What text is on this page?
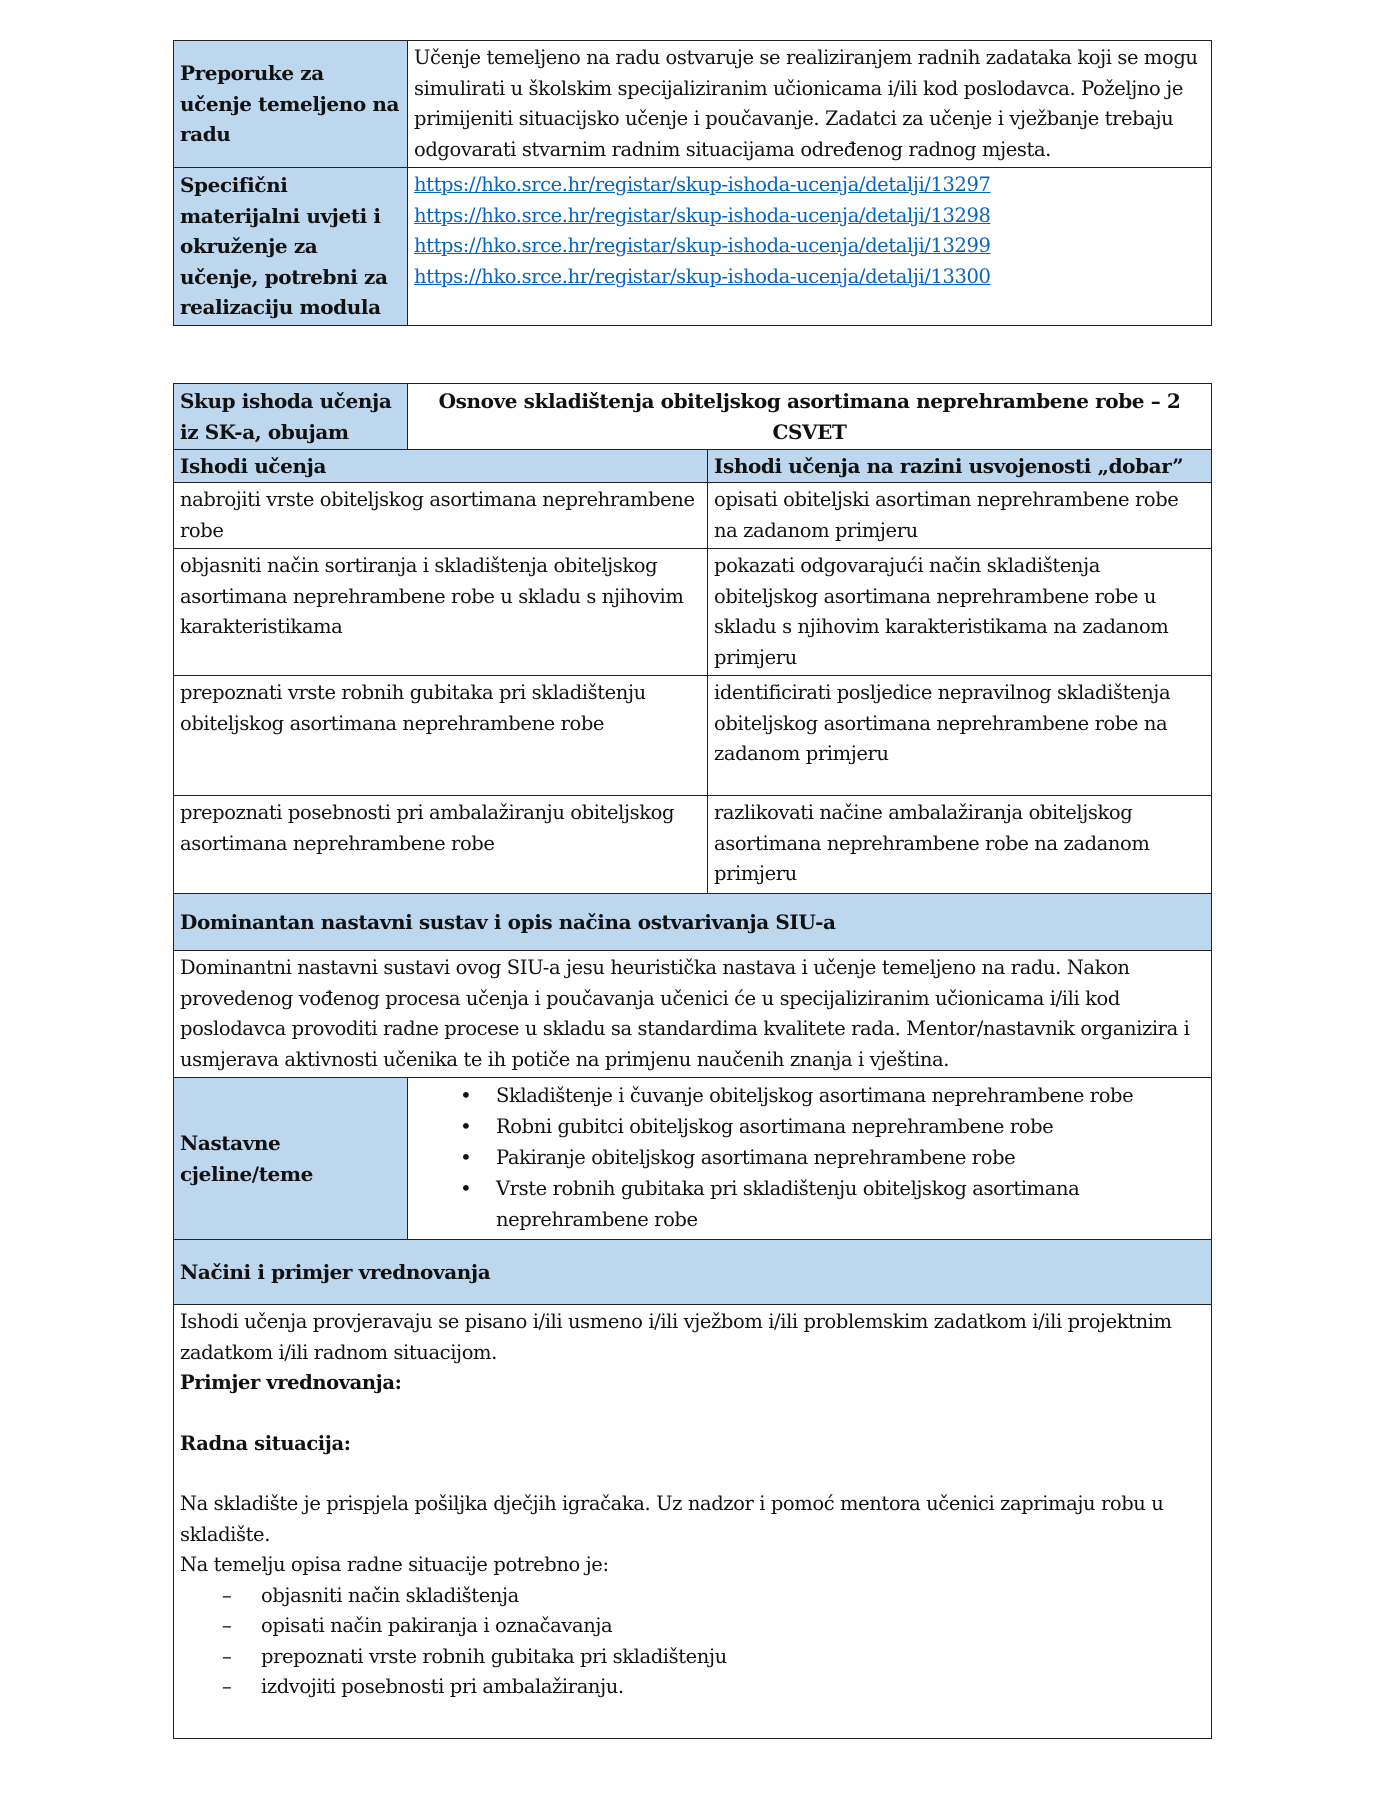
Preporuke za učenje temeljeno na radu	Učenje temeljeno na radu ostvaruje se realiziranjem radnih zadataka koji se mogu simulirati u školskim specijaliziranim učionicama i/ili kod poslodavca. Poželjno je primijeniti situacijsko učenje i poučavanje. Zadatci za učenje i vježbanje trebaju odgovarati stvarnim radnim situacijama određenog radnog mjesta.
Specifični materijalni uvjeti i okruženje za učenje, potrebni za realizaciju modula	https://hko.srce.hr/registar/skup-ishoda-ucenja/detalji/13297
https://hko.srce.hr/registar/skup-ishoda-ucenja/detalji/13298
https://hko.srce.hr/registar/skup-ishoda-ucenja/detalji/13299
https://hko.srce.hr/registar/skup-ishoda-ucenja/detalji/13300
Skup ishoda učenja iz SK-a, obujam	Osnove skladištenja obiteljskog asortimana neprehrambene robe – 2 CSVET	
Ishodi učenja		Ishodi učenja na razini usvojenosti „dobar”
nabrojiti vrste obiteljskog asortimana neprehrambene robe		opisati obiteljski asortiman neprehrambene robe na zadanom primjeru
objasniti način sortiranja i skladištenja obiteljskog asortimana neprehrambene robe u skladu s njihovim karakteristikama		pokazati odgovarajući način skladištenja obiteljskog asortimana neprehrambene robe u skladu s njihovim karakteristikama na zadanom primjeru
prepoznati vrste robnih gubitaka pri skladištenju obiteljskog asortimana neprehrambene robe		identificirati posljedice nepravilnog skladištenja obiteljskog asortimana neprehrambene robe na zadanom primjeru
prepoznati posebnosti pri ambalažiranju obiteljskog asortimana neprehrambene robe		razlikovati načine ambalažiranja obiteljskog asortimana neprehrambene robe na zadanom primjeru
Dominantan nastavni sustav i opis načina ostvarivanja SIU-a		
Dominantni nastavni sustavi ovog SIU-a jesu heuristička nastava i učenje temeljeno na radu. Nakon provedenog vođenog procesa učenja i poučavanja učenici će u specijaliziranim učionicama i/ili kod poslodavca provoditi radne procese u skladu sa standardima kvalitete rada. Mentor/nastavnik organizira i usmjerava aktivnosti učenika te ih potiče na primjenu naučenih znanja i vještina.		
Nastavne cjeline/teme	
• Skladištenje i čuvanje obiteljskog asortimana neprehrambene robe
• Robni gubitci obiteljskog asortimana neprehrambene robe
• Pakiranje obiteljskog asortimana neprehrambene robe
• Vrste robnih gubitaka pri skladištenju obiteljskog asortimana neprehrambene robe

Načini i primjer vrednovanja		

Ishodi učenja provjeravaju se pisano i/ili usmeno i/ili vježbom i/ili problemskim zadatkom i/ili projektnim zadatkom i/ili radnom situacijom.

Primjer vrednovanja:

Radna situacija:

Na skladište je prispjela pošiljka dječjih igračaka. Uz nadzor i pomoć mentora učenici zaprimaju robu u skladište.

Na temelju opisa radne situacije potrebno je:

– objasniti način skladištenja
– opisati način pakiranja i označavanja
– prepoznati vrste robnih gubitaka pri skladištenju
– izdvojiti posebnosti pri ambalažiranju.
